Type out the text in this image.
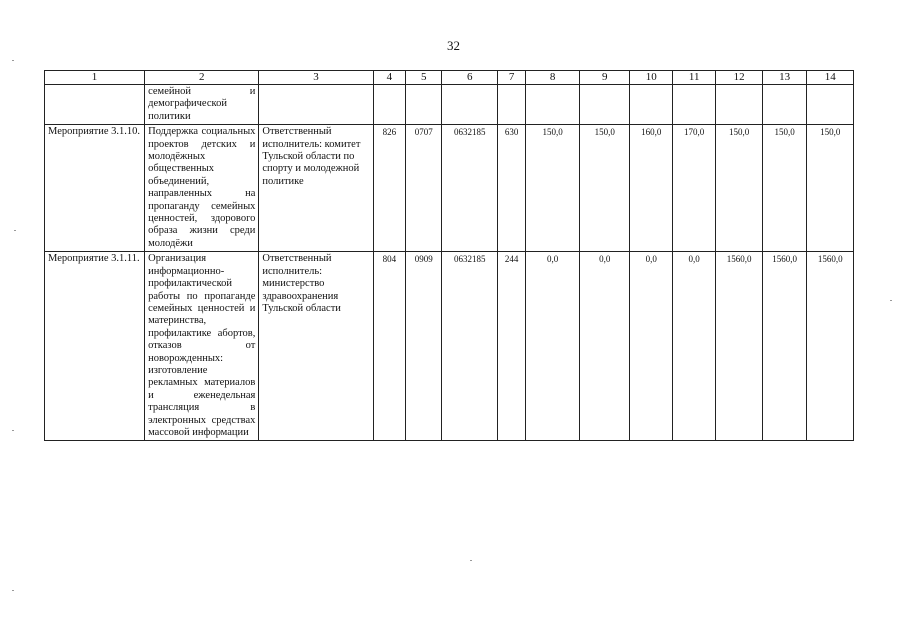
32
1	2	3	4	5	6	7	8	9	10	11	12	13	14
	семейной и демографической политики												
Мероприятие 3.1.10.	Поддержка социальных проектов детских и молодёжных общественных объединений, направленных на пропаганду семейных ценностей, здорового образа жизни среди молодёжи	Ответственный исполнитель: комитет Тульской области по спорту и молодежной политике	826	0707	0632185	630	150,0	150,0	160,0	170,0	150,0	150,0	150,0
Мероприятие 3.1.11.	Организация информационно-профилактической работы по пропаганде семейных ценностей и материнства, профилактике абортов, отказов от новорожденных: изготовление рекламных материалов и еженедельная трансляция в электронных средствах массовой информации	Ответственный исполнитель: министерство здравоохранения Тульской области	804	0909	0632185	244	0,0	0,0	0,0	0,0	1560,0	1560,0	1560,0
